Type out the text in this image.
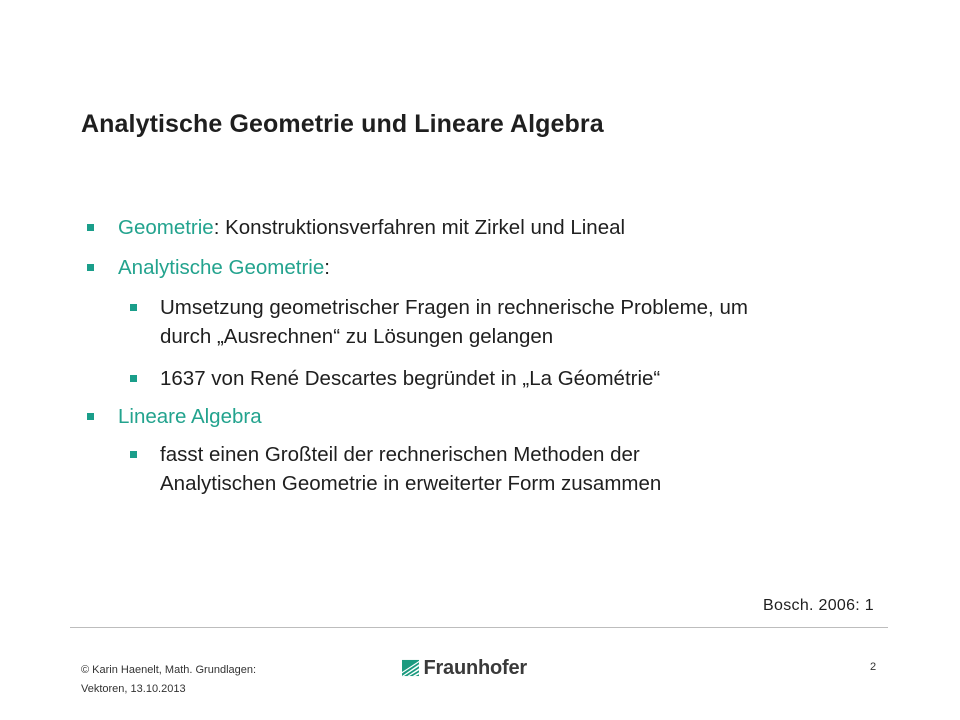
Analytische Geometrie und Lineare Algebra
Geometrie: Konstruktionsverfahren mit Zirkel und Lineal
Analytische Geometrie:
Umsetzung geometrischer Fragen in rechnerische Probleme, um
durch „Ausrechnen“ zu Lösungen gelangen
1637 von René Descartes begründet in „La Géométrie“
Lineare Algebra
fasst einen Großteil der rechnerischen Methoden der
Analytischen Geometrie in erweiterter Form zusammen
Bosch. 2006: 1
© Karin Haenelt, Math. Grundlagen:
Vektoren, 13.10.2013
Fraunhofer	2
